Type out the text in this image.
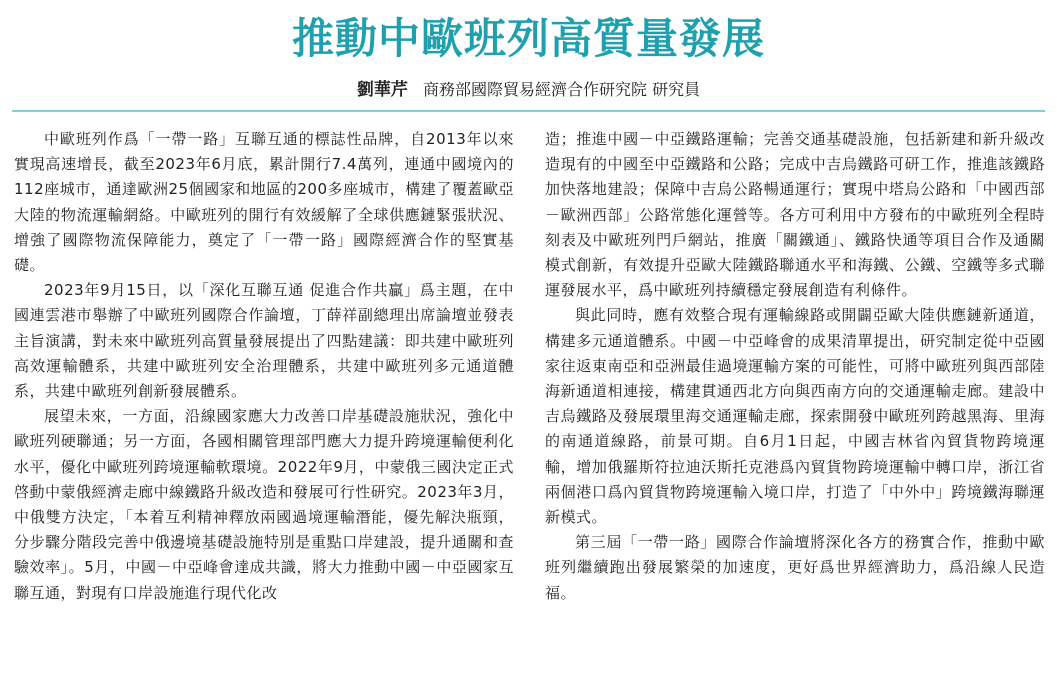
推動中歐班列高質量發展
劉華芹 商務部國際貿易經濟合作研究院 研究員

中歐班列作爲「一帶一路」互聯互通的標誌性品牌，自2013年以來實現高速增長，截至2023年6月底，累計開行7.4萬列，連通中國境內的112座城市，通達歐洲25個國家和地區的200多座城市，構建了覆蓋歐亞大陸的物流運輸網絡。中歐班列的開行有效緩解了全球供應鏈緊張狀況、增強了國際物流保障能力，奠定了「一帶一路」國際經濟合作的堅實基礎。

2023年9月15日，以「深化互聯互通 促進合作共贏」爲主題，在中國連雲港市舉辦了中歐班列國際合作論壇，丁薛祥副總理出席論壇並發表主旨演講，對未來中歐班列高質量發展提出了四點建議：即共建中歐班列高效運輸體系，共建中歐班列安全治理體系，共建中歐班列多元通道體系，共建中歐班列創新發展體系。

展望未來，一方面，沿線國家應大力改善口岸基礎設施狀況，強化中歐班列硬聯通；另一方面，各國相關管理部門應大力提升跨境運輸便利化水平，優化中歐班列跨境運輸軟環境。2022年9月，中蒙俄三國決定正式啓動中蒙俄經濟走廊中線鐵路升級改造和發展可行性研究。2023年3月，中俄雙方決定，「本着互利精神釋放兩國過境運輸潛能，優先解決瓶頸，分步驟分階段完善中俄邊境基礎設施特別是重點口岸建設，提升通關和查驗效率」。5月，中國－中亞峰會達成共識，將大力推動中國－中亞國家互聯互通，對現有口岸設施進行現代化改

造；推進中國－中亞鐵路運輸；完善交通基礎設施，包括新建和新升級改造現有的中國至中亞鐵路和公路；完成中吉烏鐵路可研工作，推進該鐵路加快落地建設；保障中吉烏公路暢通運行；實現中塔烏公路和「中國西部－歐洲西部」公路常態化運營等。各方可利用中方發布的中歐班列全程時刻表及中歐班列門戶網站，推廣「關鐵通」、鐵路快通等項目合作及通關模式創新，有效提升亞歐大陸鐵路聯通水平和海鐵、公鐵、空鐵等多式聯運發展水平，爲中歐班列持續穩定發展創造有利條件。

與此同時，應有效整合現有運輸線路或開闢亞歐大陸供應鏈新通道，構建多元通道體系。中國－中亞峰會的成果清單提出，研究制定從中亞國家往返東南亞和亞洲最佳過境運輸方案的可能性，可將中歐班列與西部陸海新通道相連接，構建貫通西北方向與西南方向的交通運輸走廊。建設中吉烏鐵路及發展環里海交通運輸走廊，探索開發中歐班列跨越黑海、里海的南通道線路，前景可期。自6月1日起，中國吉林省內貿貨物跨境運輸，增加俄羅斯符拉迪沃斯托克港爲內貿貨物跨境運輸中轉口岸，浙江省兩個港口爲內貿貨物跨境運輸入境口岸，打造了「中外中」跨境鐵海聯運新模式。

第三屆「一帶一路」國際合作論壇將深化各方的務實合作，推動中歐班列繼續跑出發展繁榮的加速度，更好爲世界經濟助力，爲沿線人民造福。
